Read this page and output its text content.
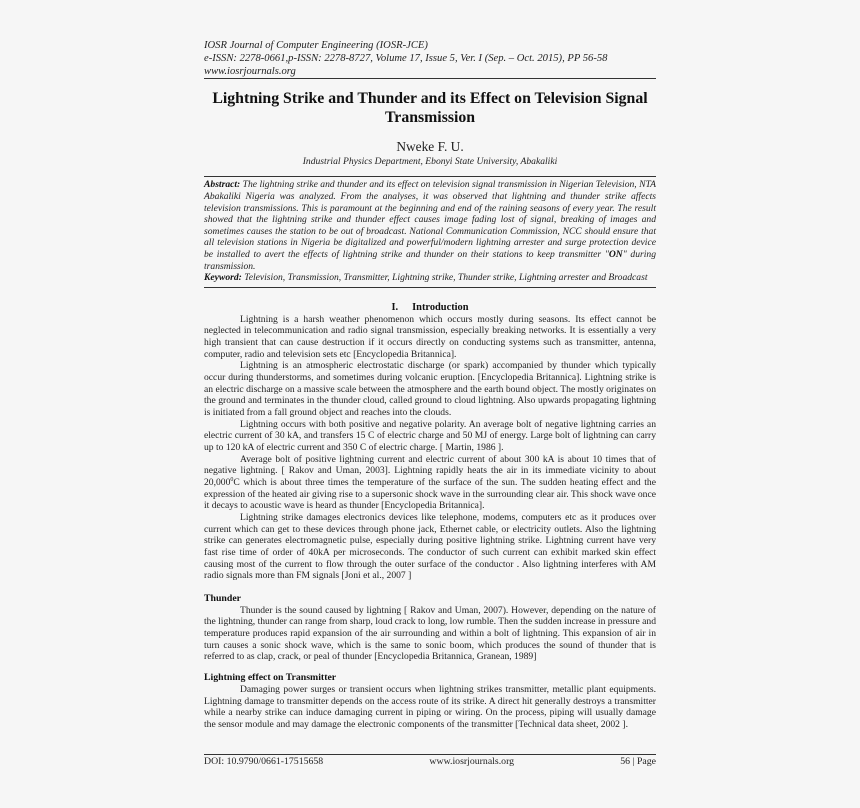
IOSR Journal of Computer Engineering (IOSR-JCE)
e-ISSN: 2278-0661,p-ISSN: 2278-8727, Volume 17, Issue 5, Ver. I (Sep. – Oct. 2015), PP 56-58
www.iosrjournals.org
Lightning Strike and Thunder and its Effect on Television Signal Transmission
Nweke F. U.
Industrial Physics Department, Ebonyi State University, Abakaliki
Abstract: The lightning strike and thunder and its effect on television signal transmission in Nigerian Television, NTA Abakaliki Nigeria was analyzed. From the analyses, it was observed that lightning and thunder strike affects television transmissions. This is paramount at the beginning and end of the raining seasons of every year. The result showed that the lightning strike and thunder effect causes image fading lost of signal, breaking of images and sometimes causes the station to be out of broadcast. National Communication Commission, NCC should ensure that all television stations in Nigeria be digitalized and powerful/modern lightning arrester and surge protection device be installed to avert the effects of lightning strike and thunder on their stations to keep transmitter "ON" during transmission.
Keyword: Television, Transmission, Transmitter, Lightning strike, Thunder strike, Lightning arrester and Broadcast
I. Introduction

Lightning is a harsh weather phenomenon which occurs mostly during seasons. Its effect cannot be neglected in telecommunication and radio signal transmission, especially breaking networks. It is essentially a very high transient that can cause destruction if it occurs directly on conducting systems such as transmitter, antenna, computer, radio and television sets etc [Encyclopedia Britannica].

Lightning is an atmospheric electrostatic discharge (or spark) accompanied by thunder which typically occur during thunderstorms, and sometimes during volcanic eruption. [Encyclopedia Britannica]. Lightning strike is an electric discharge on a massive scale between the atmosphere and the earth bound object. The mostly originates on the ground and terminates in the thunder cloud, called ground to cloud lightning. Also upwards propagating lightning is initiated from a fall ground object and reaches into the clouds.

Lightning occurs with both positive and negative polarity. An average bolt of negative lightning carries an electric current of 30 kA, and transfers 15 C of electric charge and 50 MJ of energy. Large bolt of lightning can carry up to 120 kA of electric current and 350 C of electric charge. [ Martin, 1986 ].

Average bolt of positive lightning current and electric current of about 300 kA is about 10 times that of negative lightning. [ Rakov and Uman, 2003]. Lightning rapidly heats the air in its immediate vicinity to about 20,000$^0$C which is about three times the temperature of the surface of the sun. The sudden heating effect and the expression of the heated air giving rise to a supersonic shock wave in the surrounding clear air. This shock wave once it decays to acoustic wave is heard as thunder [Encyclopedia Britannica].

Lightning strike damages electronics devices like telephone, modems, computers etc as it produces over current which can get to these devices through phone jack, Ethernet cable, or electricity outlets. Also the lightning strike can generates electromagnetic pulse, especially during positive lightning strike. Lightning current have very fast rise time of order of 40kA per microseconds. The conductor of such current can exhibit marked skin effect causing most of the current to flow through the outer surface of the conductor . Also lightning interferes with AM radio signals more than FM signals [Joni et al., 2007 ]

Thunder

Thunder is the sound caused by lightning [ Rakov and Uman, 2007). However, depending on the nature of the lightning, thunder can range from sharp, loud crack to long, low rumble. Then the sudden increase in pressure and temperature produces rapid expansion of the air surrounding and within a bolt of lightning. This expansion of air in turn causes a sonic shock wave, which is the same to sonic boom, which produces the sound of thunder that is referred to as clap, crack, or peal of thunder [Encyclopedia Britannica, Granean, 1989]

Lightning effect on Transmitter

Damaging power surges or transient occurs when lightning strikes transmitter, metallic plant equipments. Lightning damage to transmitter depends on the access route of its strike. A direct hit generally destroys a transmitter while a nearby strike can induce damaging current in piping or wiring. On the process, piping will usually damage the sensor module and may damage the electronic components of the transmitter [Technical data sheet, 2002 ].

DOI: 10.9790/0661-17515658	www.iosrjournals.org	56 | Page
